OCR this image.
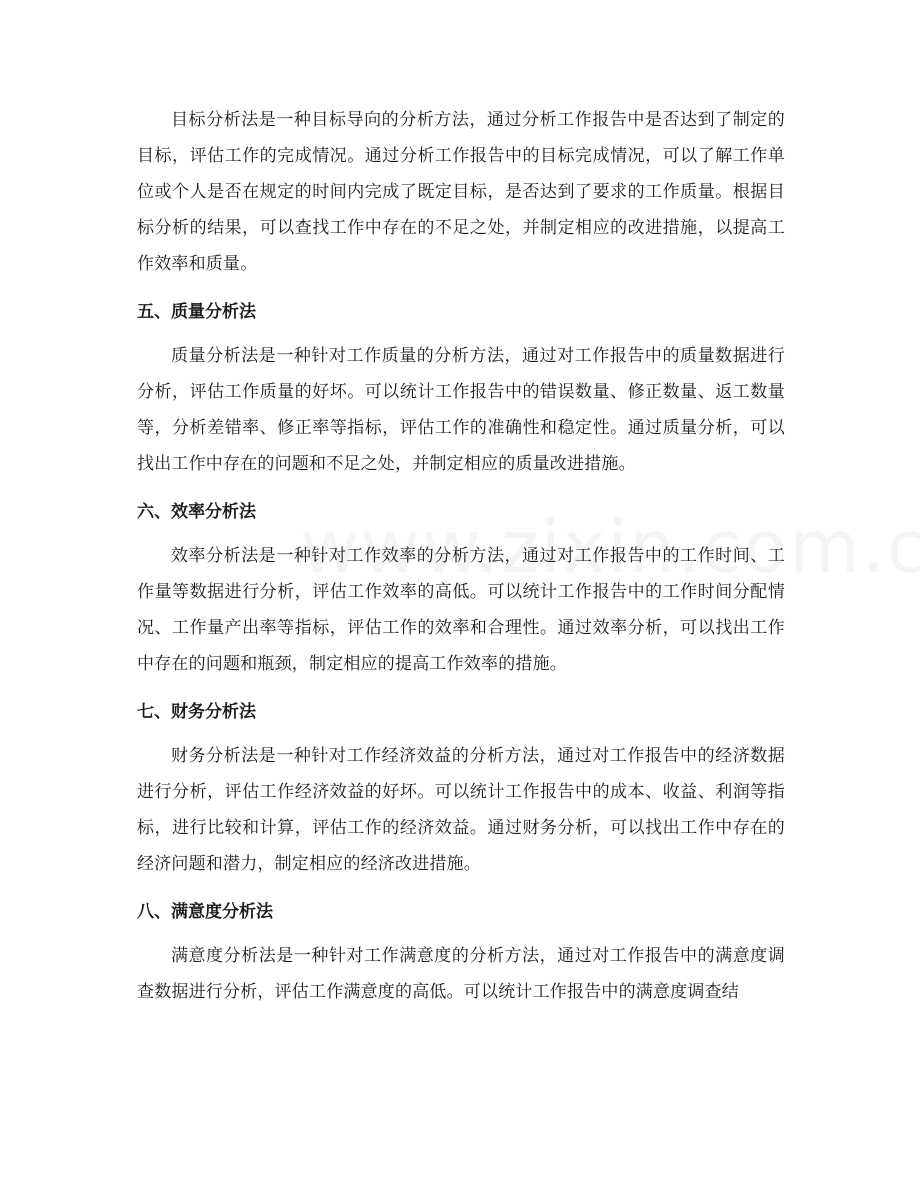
目标分析法是一种目标导向的分析方法，通过分析工作报告中是否达到了制定的目标，评估工作的完成情况。通过分析工作报告中的目标完成情况，可以了解工作单位或个人是否在规定的时间内完成了既定目标，是否达到了要求的工作质量。根据目标分析的结果，可以查找工作中存在的不足之处，并制定相应的改进措施，以提高工作效率和质量。

五、质量分析法

质量分析法是一种针对工作质量的分析方法，通过对工作报告中的质量数据进行分析，评估工作质量的好坏。可以统计工作报告中的错误数量、修正数量、返工数量等，分析差错率、修正率等指标，评估工作的准确性和稳定性。通过质量分析，可以找出工作中存在的问题和不足之处，并制定相应的质量改进措施。

六、效率分析法

效率分析法是一种针对工作效率的分析方法，通过对工作报告中的工作时间、工作量等数据进行分析，评估工作效率的高低。可以统计工作报告中的工作时间分配情况、工作量产出率等指标，评估工作的效率和合理性。通过效率分析，可以找出工作中存在的问题和瓶颈，制定相应的提高工作效率的措施。

七、财务分析法

财务分析法是一种针对工作经济效益的分析方法，通过对工作报告中的经济数据进行分析，评估工作经济效益的好坏。可以统计工作报告中的成本、收益、利润等指标，进行比较和计算，评估工作的经济效益。通过财务分析，可以找出工作中存在的经济问题和潜力，制定相应的经济改进措施。

八、满意度分析法

满意度分析法是一种针对工作满意度的分析方法，通过对工作报告中的满意度调查数据进行分析，评估工作满意度的高低。可以统计工作报告中的满意度调查结
